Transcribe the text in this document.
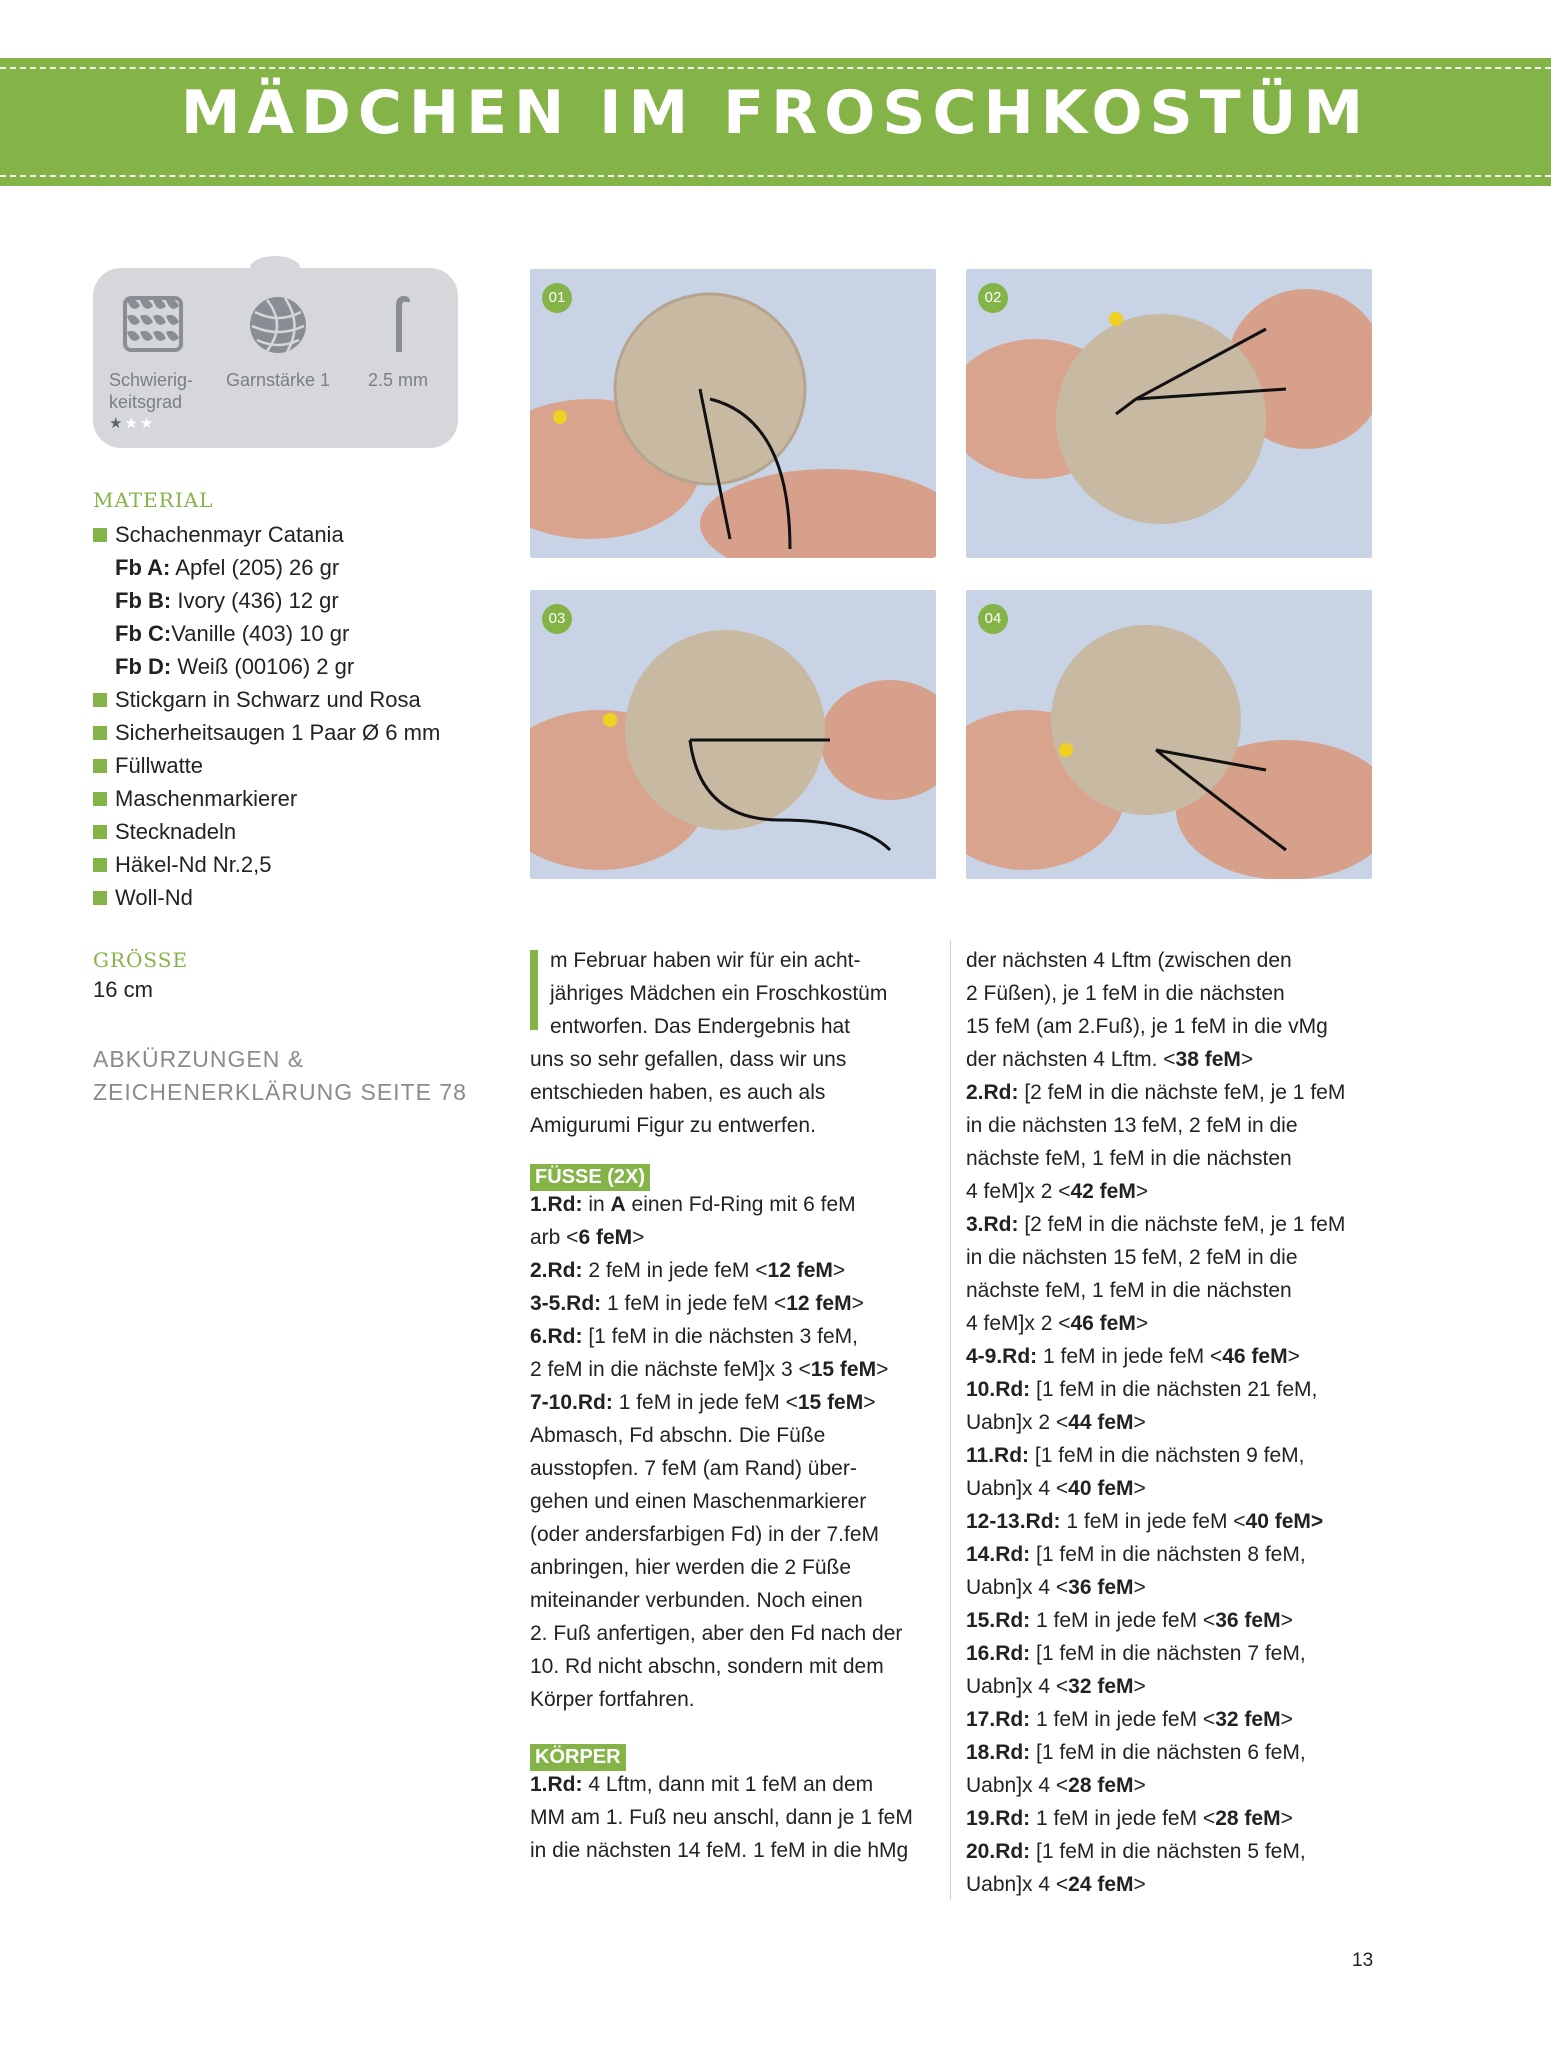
MÄDCHEN IM FROSCHKOSTÜM
Schwierig-
keitsgrad
★★★
Garnstärke 1	2.5 mm
MATERIAL
Schachenmayr Catania
Fb A: Apfel (205) 26 gr
Fb B: Ivory (436) 12 gr
Fb C:Vanille (403) 10 gr
Fb D: Weiß (00106) 2 gr
Stickgarn in Schwarz und Rosa
Sicherheitsaugen 1 Paar Ø 6 mm
Füllwatte
Maschenmarkierer
Stecknadeln
Häkel-Nd Nr.2,5
Woll-Nd
GRÖSSE
16 cm
ABKÜRZUNGEN &
ZEICHENERKLÄRUNG SEITE 78
01	02
03	04

m Februar haben wir für ein acht-

jähriges Mädchen ein Froschkostüm

entworfen. Das Endergebnis hat

uns so sehr gefallen, dass wir uns

entschieden haben, es auch als

Amigurumi Figur zu entwerfen.

FÜSSE (2X)

1.Rd: in A einen Fd-Ring mit 6 feM

arb <6 feM>

2.Rd: 2 feM in jede feM <12 feM>

3-5.Rd: 1 feM in jede feM <12 feM>

6.Rd: [1 feM in die nächsten 3 feM,

2 feM in die nächste feM]x 3 <15 feM>

7-10.Rd: 1 feM in jede feM <15 feM>

Abmasch, Fd abschn. Die Füße

ausstopfen. 7 feM (am Rand) über-

gehen und einen Maschenmarkierer

(oder andersfarbigen Fd) in der 7.feM

anbringen, hier werden die 2 Füße

miteinander verbunden. Noch einen

2. Fuß anfertigen, aber den Fd nach der

10. Rd nicht abschn, sondern mit dem

Körper fortfahren.

KÖRPER

1.Rd: 4 Lftm, dann mit 1 feM an dem

MM am 1. Fuß neu anschl, dann je 1 feM

in die nächsten 14 feM. 1 feM in die hMg

der nächsten 4 Lftm (zwischen den

2 Füßen), je 1 feM in die nächsten

15 feM (am 2.Fuß), je 1 feM in die vMg

der nächsten 4 Lftm. <38 feM>

2.Rd: [2 feM in die nächste feM, je 1 feM

in die nächsten 13 feM, 2 feM in die

nächste feM, 1 feM in die nächsten

4 feM]x 2 <42 feM>

3.Rd: [2 feM in die nächste feM, je 1 feM

in die nächsten 15 feM, 2 feM in die

nächste feM, 1 feM in die nächsten

4 feM]x 2 <46 feM>

4-9.Rd: 1 feM in jede feM <46 feM>

10.Rd: [1 feM in die nächsten 21 feM,

Uabn]x 2 <44 feM>

11.Rd: [1 feM in die nächsten 9 feM,

Uabn]x 4 <40 feM>

12-13.Rd: 1 feM in jede feM <40 feM>

14.Rd: [1 feM in die nächsten 8 feM,

Uabn]x 4 <36 feM>

15.Rd: 1 feM in jede feM <36 feM>

16.Rd: [1 feM in die nächsten 7 feM,

Uabn]x 4 <32 feM>

17.Rd: 1 feM in jede feM <32 feM>

18.Rd: [1 feM in die nächsten 6 feM,

Uabn]x 4 <28 feM>

19.Rd: 1 feM in jede feM <28 feM>

20.Rd: [1 feM in die nächsten 5 feM,

Uabn]x 4 <24 feM>

13
